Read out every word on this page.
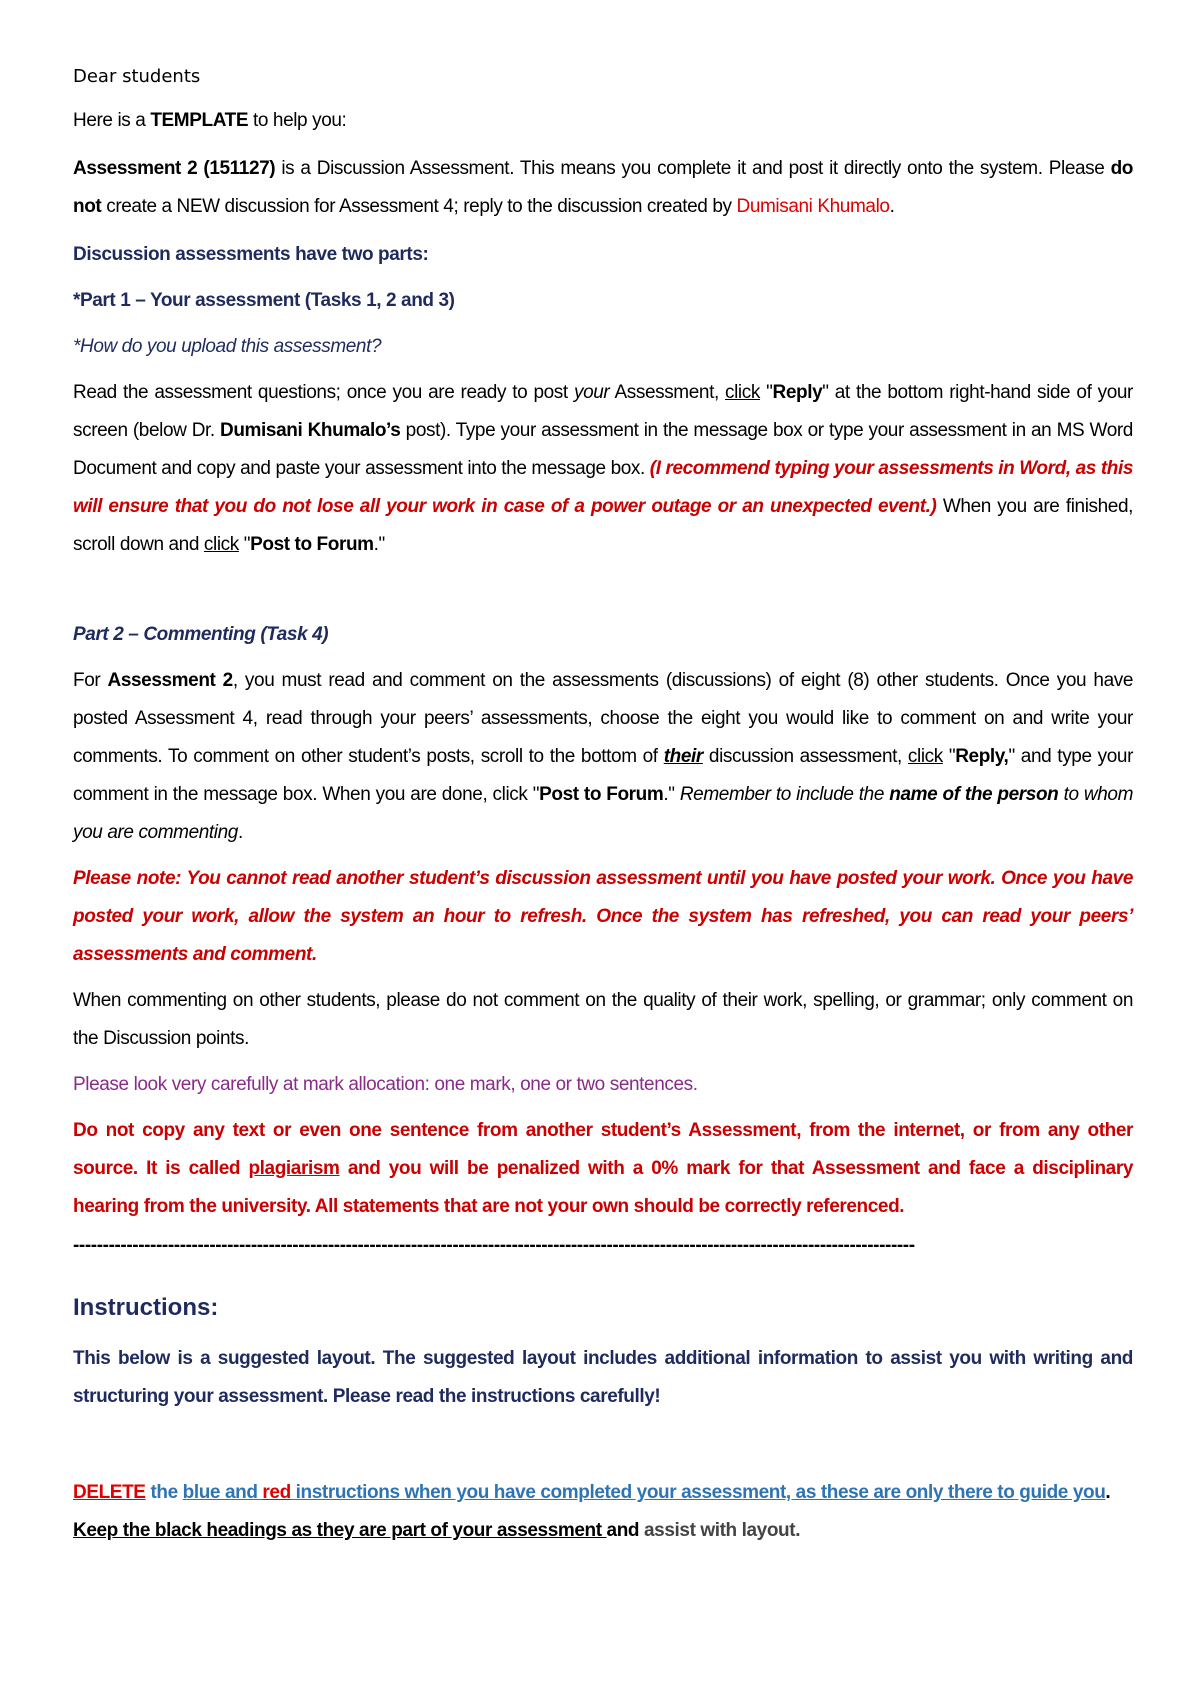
Dear students

Here is a TEMPLATE to help you:

Assessment 2 (151127) is a Discussion Assessment. This means you complete it and post it directly onto the system. Please do not create a NEW discussion for Assessment 4; reply to the discussion created by Dumisani Khumalo.

Discussion assessments have two parts:

*Part 1 – Your assessment (Tasks 1, 2 and 3)

*How do you upload this assessment?

Read the assessment questions; once you are ready to post your Assessment, click "Reply" at the bottom right-hand side of your screen (below Dr. Dumisani Khumalo’s post). Type your assessment in the message box or type your assessment in an MS Word Document and copy and paste your assessment into the message box. (I recommend typing your assessments in Word, as this will ensure that you do not lose all your work in case of a power outage or an unexpected event.) When you are finished, scroll down and click "Post to Forum."

Part 2 – Commenting (Task 4)

For Assessment 2, you must read and comment on the assessments (discussions) of eight (8) other students. Once you have posted Assessment 4, read through your peers’ assessments, choose the eight you would like to comment on and write your comments. To comment on other student’s posts, scroll to the bottom of their discussion assessment, click "Reply," and type your comment in the message box. When you are done, click "Post to Forum." Remember to include the name of the person to whom you are commenting.

Please note: You cannot read another student’s discussion assessment until you have posted your work. Once you have posted your work, allow the system an hour to refresh. Once the system has refreshed, you can read your peers’ assessments and comment.

When commenting on other students, please do not comment on the quality of their work, spelling, or grammar; only comment on the Discussion points.

Please look very carefully at mark allocation: one mark, one or two sentences.

Do not copy any text or even one sentence from another student’s Assessment, from the internet, or from any other source. It is called plagiarism and you will be penalized with a 0% mark for that Assessment and face a disciplinary hearing from the university. All statements that are not your own should be correctly referenced.

----------------------------------------------------------------------------------------------------------------------------------------------

Instructions:

This below is a suggested layout. The suggested layout includes additional information to assist you with writing and structuring your assessment. Please read the instructions carefully!

DELETE the blue and red instructions when you have completed your assessment, as these are only there to guide you.

Keep the black headings as they are part of your assessment and assist with layout.
